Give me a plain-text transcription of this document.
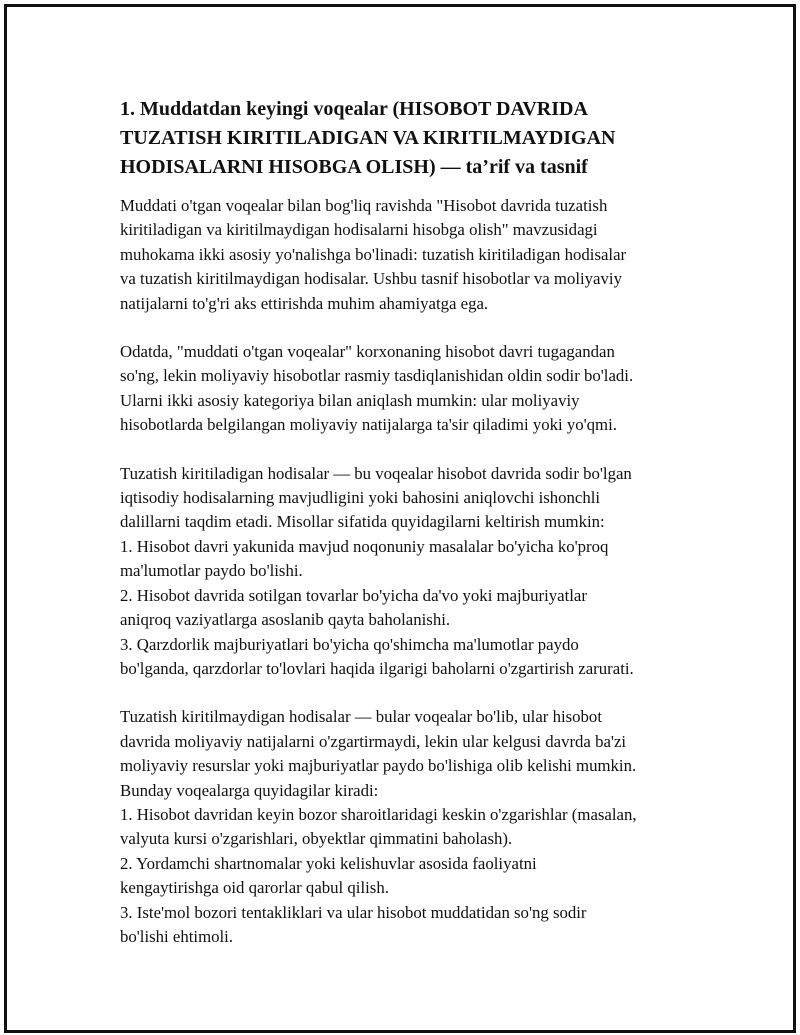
1. Muddatdan keyingi voqealar (HISOBOT DAVRIDA
TUZATISH KIRITILADIGAN VA KIRITILMAYDIGAN
HODISALARNI HISOBGA OLISH) — ta’rif va tasnif

Muddati o'tgan voqealar bilan bog'liq ravishda "Hisobot davrida tuzatish
kiritiladigan va kiritilmaydigan hodisalarni hisobga olish" mavzusidagi
muhokama ikki asosiy yo'nalishga bo'linadi: tuzatish kiritiladigan hodisalar
va tuzatish kiritilmaydigan hodisalar. Ushbu tasnif hisobotlar va moliyaviy
natijalarni to'g'ri aks ettirishda muhim ahamiyatga ega.

Odatda, "muddati o'tgan voqealar" korxonaning hisobot davri tugagandan
so'ng, lekin moliyaviy hisobotlar rasmiy tasdiqlanishidan oldin sodir bo'ladi.
Ularni ikki asosiy kategoriya bilan aniqlash mumkin: ular moliyaviy
hisobotlarda belgilangan moliyaviy natijalarga ta'sir qiladimi yoki yo'qmi.

Tuzatish kiritiladigan hodisalar — bu voqealar hisobot davrida sodir bo'lgan
iqtisodiy hodisalarning mavjudligini yoki bahosini aniqlovchi ishonchli
dalillarni taqdim etadi. Misollar sifatida quyidagilarni keltirish mumkin:
1. Hisobot davri yakunida mavjud noqonuniy masalalar bo'yicha ko'proq
ma'lumotlar paydo bo'lishi.
2. Hisobot davrida sotilgan tovarlar bo'yicha da'vo yoki majburiyatlar
aniqroq vaziyatlarga asoslanib qayta baholanishi.
3. Qarzdorlik majburiyatlari bo'yicha qo'shimcha ma'lumotlar paydo
bo'lganda, qarzdorlar to'lovlari haqida ilgarigi baholarni o'zgartirish zarurati.

Tuzatish kiritilmaydigan hodisalar — bular voqealar bo'lib, ular hisobot
davrida moliyaviy natijalarni o'zgartirmaydi, lekin ular kelgusi davrda ba'zi
moliyaviy resurslar yoki majburiyatlar paydo bo'lishiga olib kelishi mumkin.
Bunday voqealarga quyidagilar kiradi:
1. Hisobot davridan keyin bozor sharoitlaridagi keskin o'zgarishlar (masalan,
valyuta kursi o'zgarishlari, obyektlar qimmatini baholash).
2. Yordamchi shartnomalar yoki kelishuvlar asosida faoliyatni
kengaytirishga oid qarorlar qabul qilish.
3. Iste'mol bozori tentakliklari va ular hisobot muddatidan so'ng sodir
bo'lishi ehtimoli.
